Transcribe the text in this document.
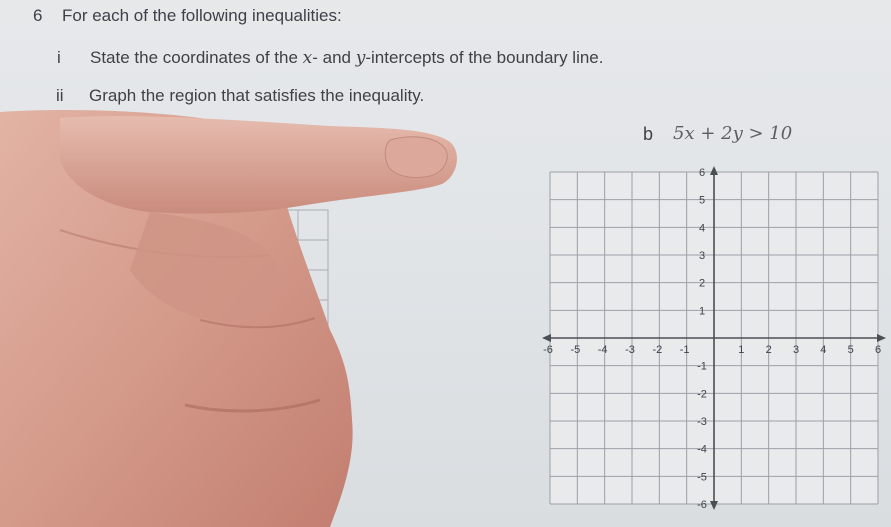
6 For each of the following inequalities:
i State the coordinates of the x- and y-intercepts of the boundary line.
ii Graph the region that satisfies the inequality.
b 5x + 2y > 10
-6 -5 -4 -3 -2 -1	1 2 3 4 5 6
6
5
4
3
2
1
-1
-2
-3
-4
-5
-6
